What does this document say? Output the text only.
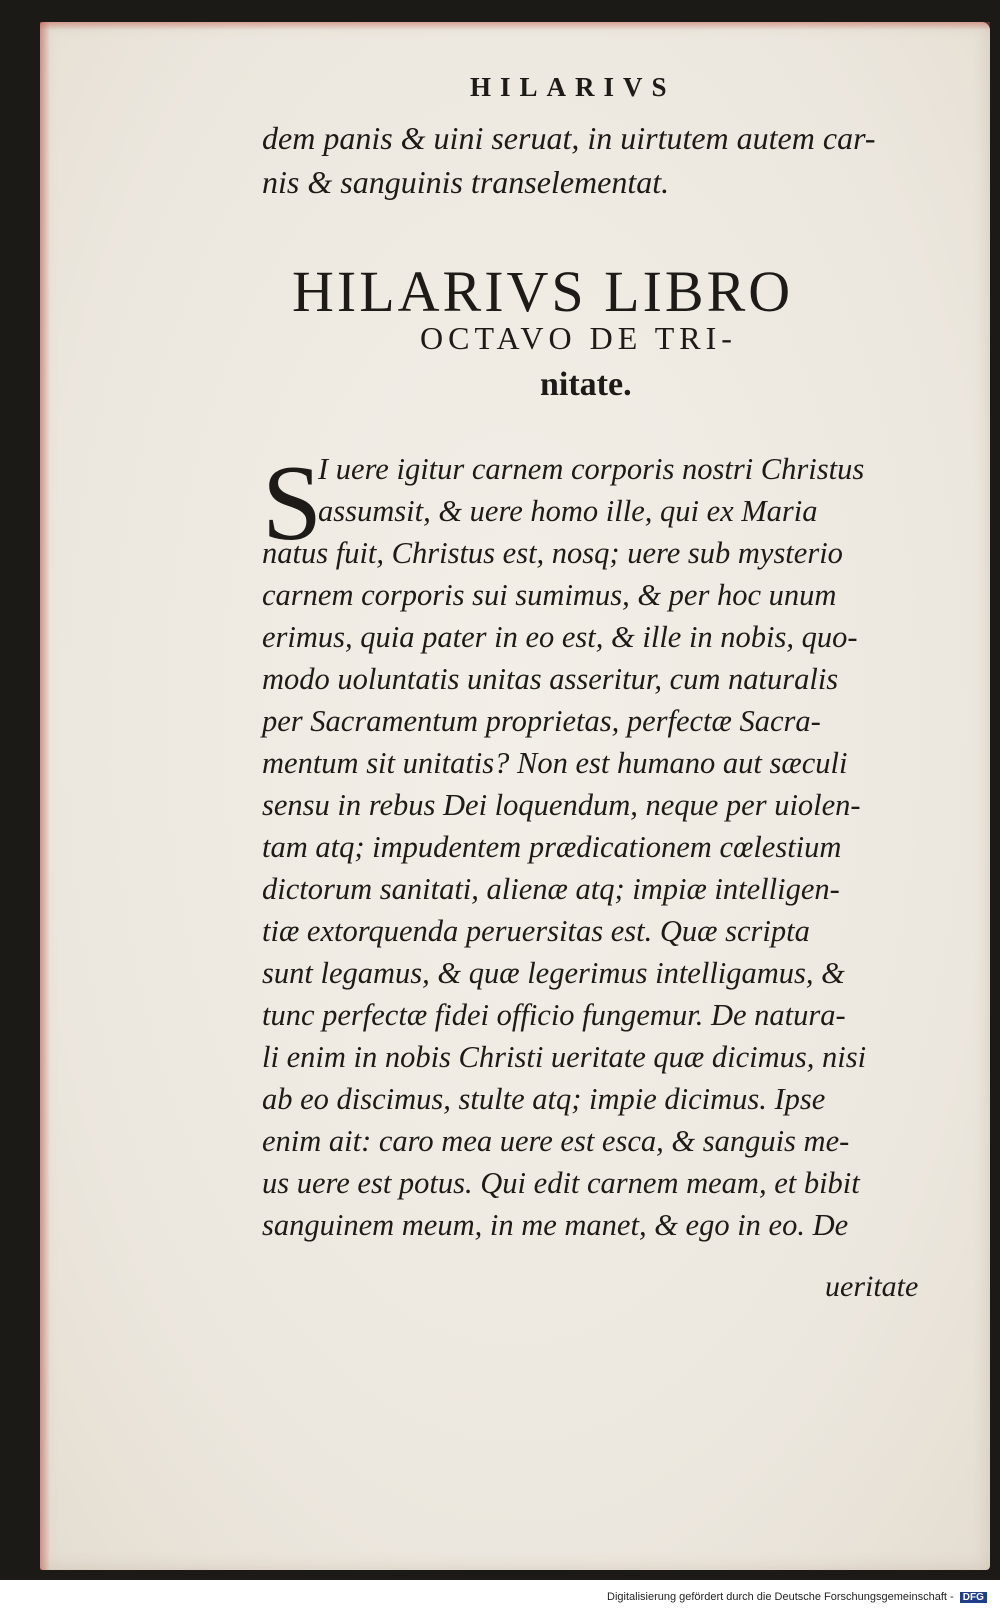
HILARIVS
dem panis & uini seruat, in uirtutem autem car-
nis & sanguinis transelementat.
HILARIVS LIBRO
OCTAVO DE TRI-
nitate.
S
I uere igitur carnem corporis nostri Christus
assumsit, & uere homo ille, qui ex Maria
natus fuit, Christus est, nosq; uere sub mysterio
carnem corporis sui sumimus, & per hoc unum
erimus, quia pater in eo est, & ille in nobis, quo-
modo uoluntatis unitas asseritur, cum naturalis
per Sacramentum proprietas, perfectæ Sacra-
mentum sit unitatis? Non est humano aut sæculi
sensu in rebus Dei loquendum, neque per uiolen-
tam atq; impudentem prædicationem cœlestium
dictorum sanitati, alienæ atq; impiæ intelligen-
tiæ extorquenda peruersitas est. Quæ scripta
sunt legamus, & quæ legerimus intelligamus, &
tunc perfectæ fidei officio fungemur. De natura-
li enim in nobis Christi ueritate quæ dicimus, nisi
ab eo discimus, stulte atq; impie dicimus. Ipse
enim ait: caro mea uere est esca, & sanguis me-
us uere est potus. Qui edit carnem meam, et bibit
sanguinem meum, in me manet, & ego in eo. De
ueritate
Digitalisierung gefördert durch die Deutsche Forschungsgemeinschaft - DFG
